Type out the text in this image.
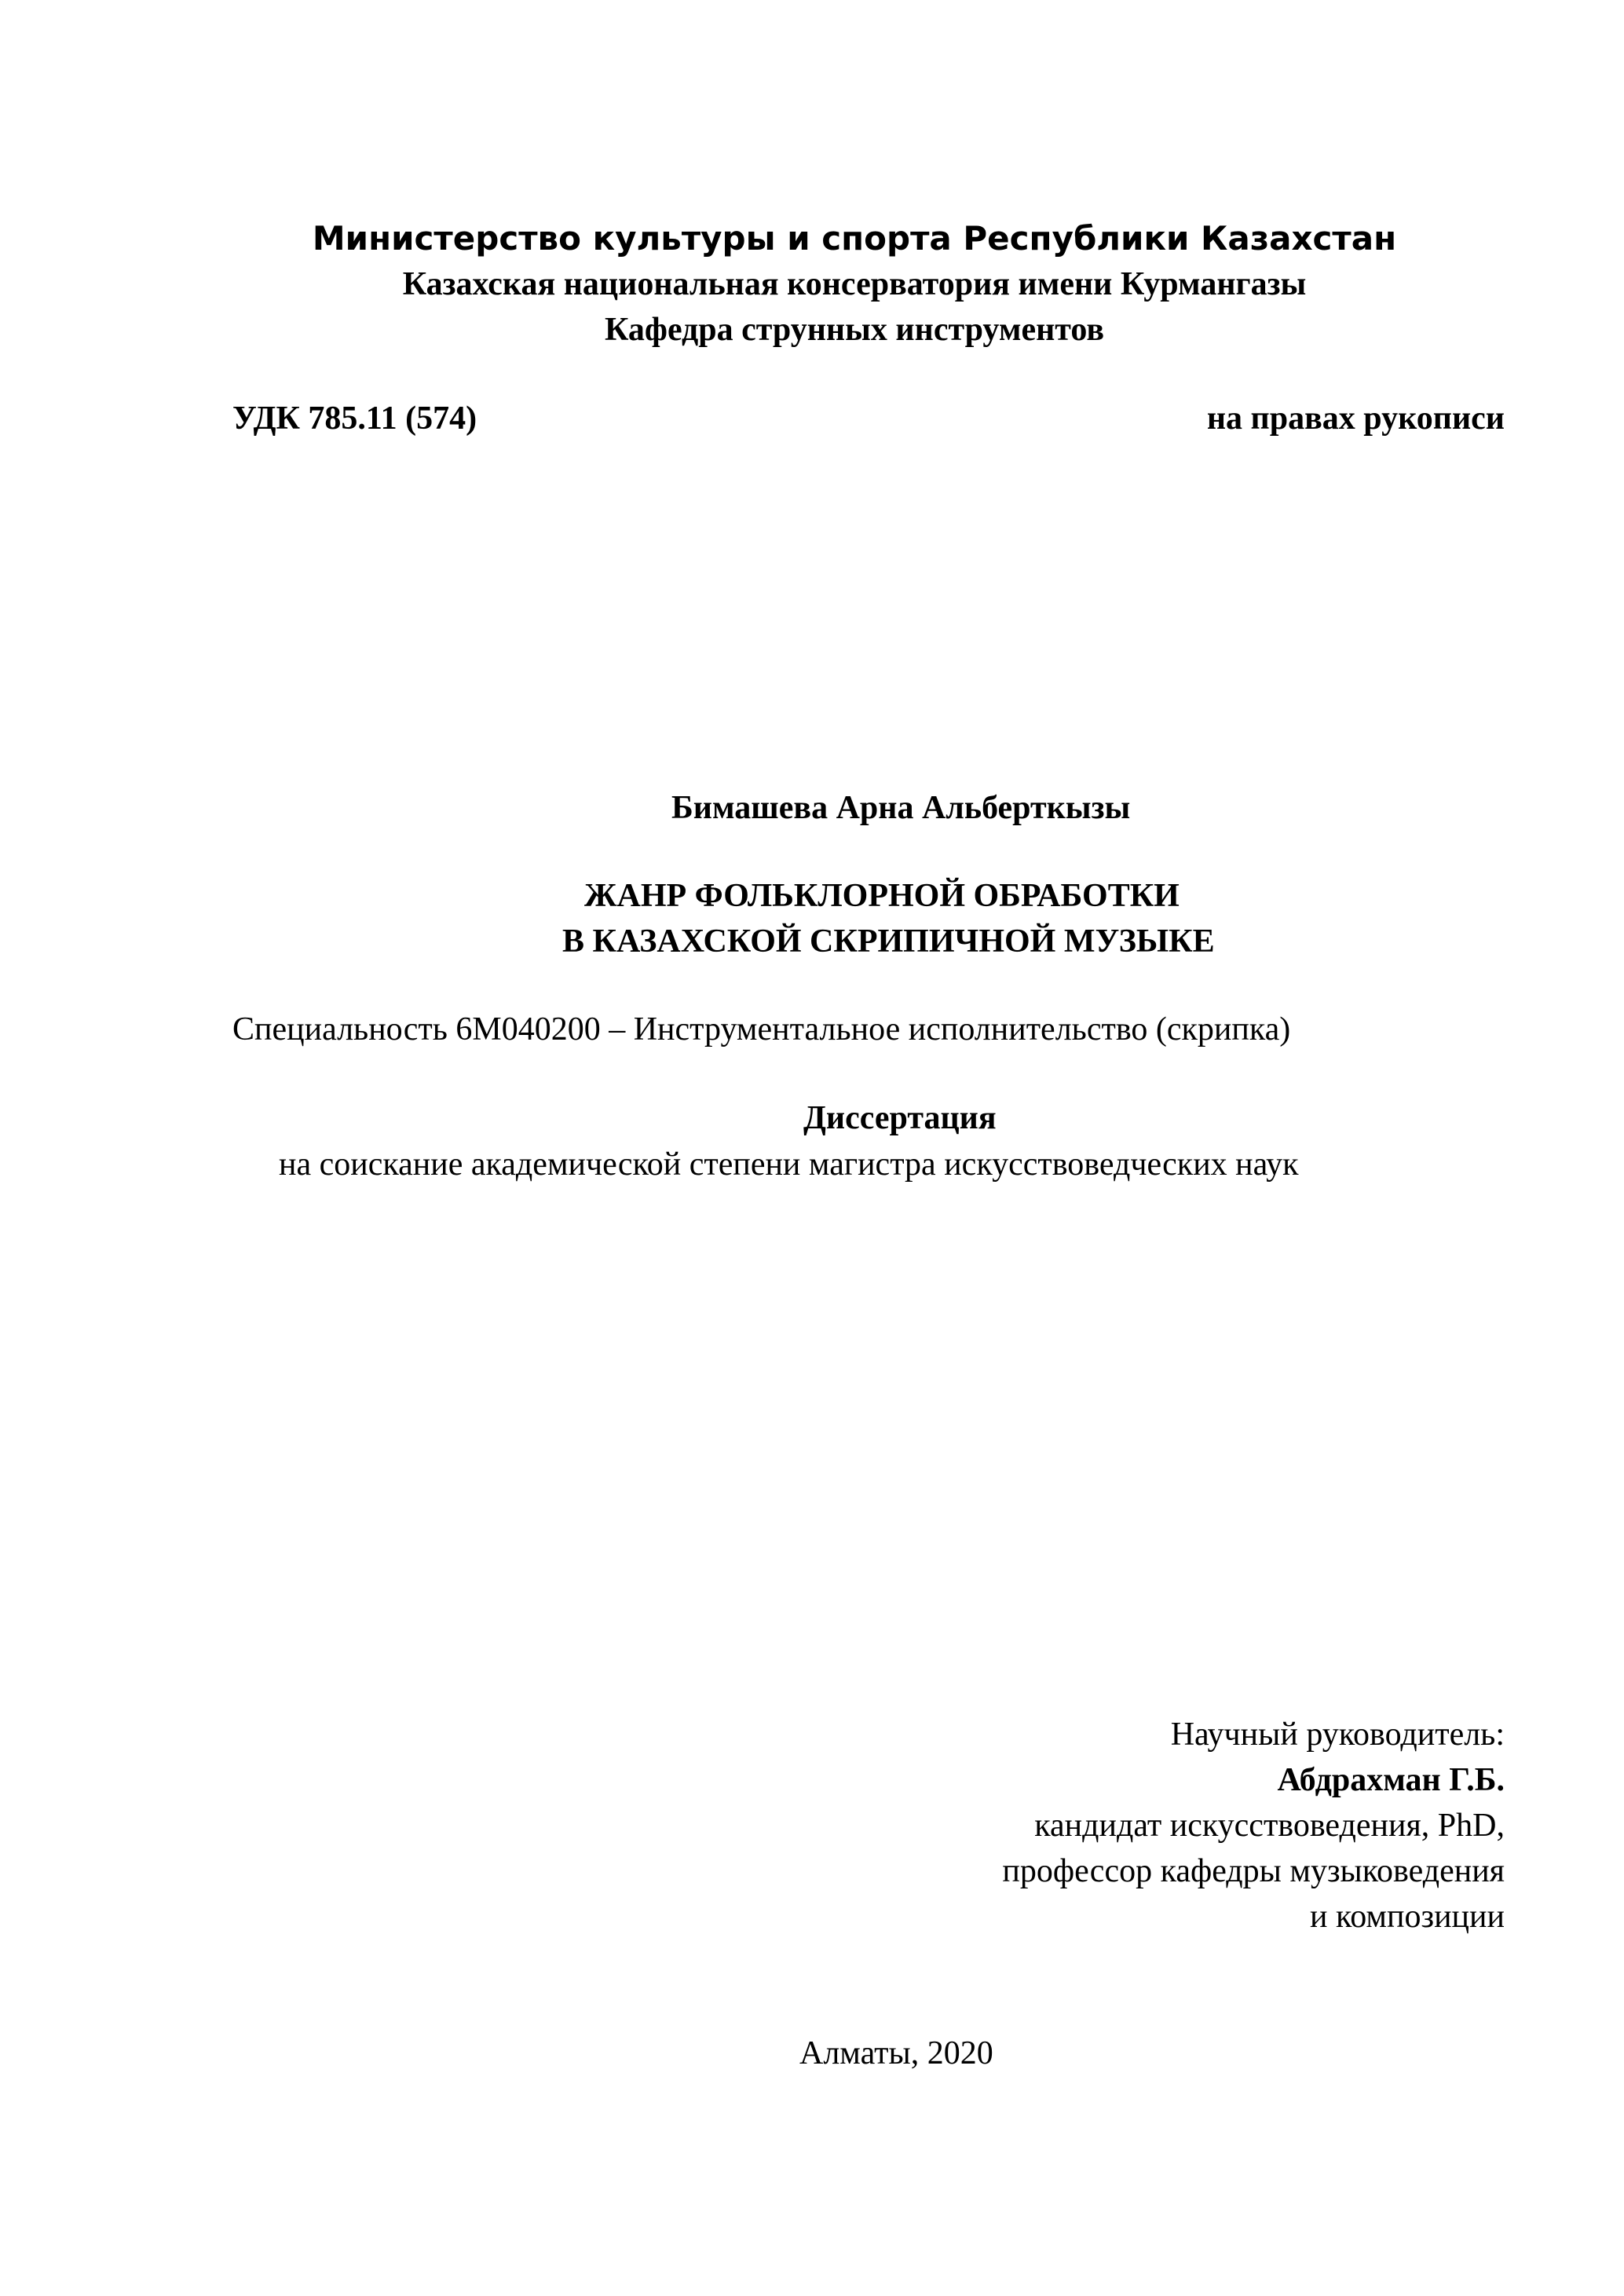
Министерство культуры и спорта Республики Казахстан
Казахская национальная консерватория имени Курмангазы
Кафедра струнных инструментов
УДК 785.11 (574)	на правах рукописи
Бимашева Арна Альберткызы
ЖАНР ФОЛЬКЛОРНОЙ ОБРАБОТКИ
В КАЗАХСКОЙ СКРИПИЧНОЙ МУЗЫКЕ
Специальность 6М040200 – Инструментальное исполнительство (скрипка)
Диссертация
на соискание академической степени магистра искусствоведческих наук
Научный руководитель:
Абдрахман Г.Б.
кандидат искусствоведения, PhD,
профессор кафедры музыковедения
и композиции
Алматы, 2020
